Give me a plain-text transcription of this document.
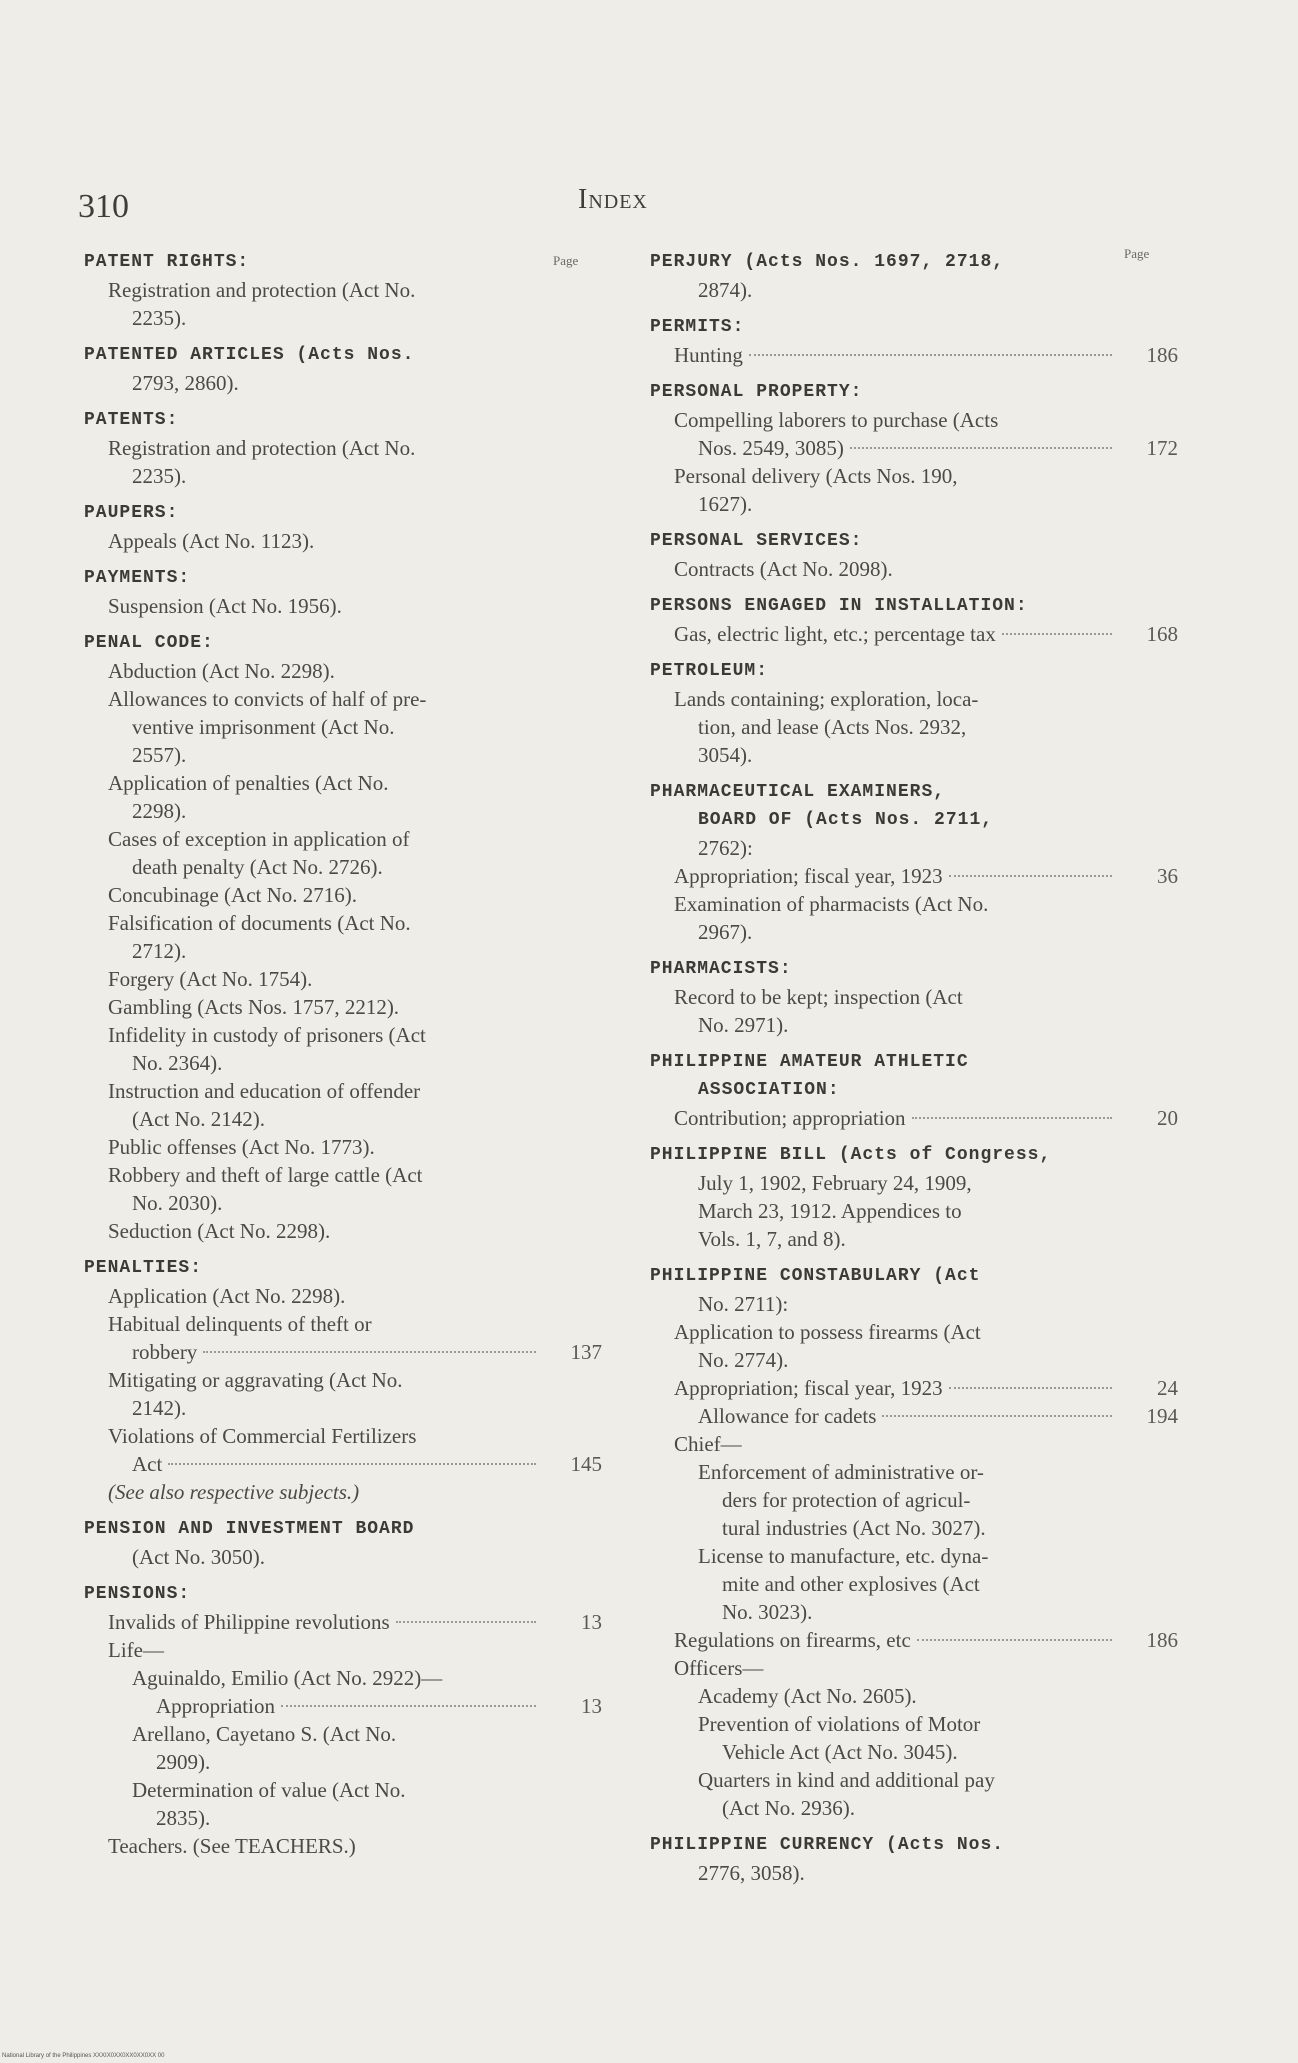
310	Index
Page	Page
PATENT RIGHTS:
Registration and protection (Act No.
2235).
PATENTED ARTICLES (Acts Nos.
2793, 2860).
PATENTS:
Registration and protection (Act No.
2235).
PAUPERS:
Appeals (Act No. 1123).
PAYMENTS:
Suspension (Act No. 1956).
PENAL CODE:
Abduction (Act No. 2298).
Allowances to convicts of half of pre-
ventive imprisonment (Act No.
2557).
Application of penalties (Act No.
2298).
Cases of exception in application of
death penalty (Act No. 2726).
Concubinage (Act No. 2716).
Falsification of documents (Act No.
2712).
Forgery (Act No. 1754).
Gambling (Acts Nos. 1757, 2212).
Infidelity in custody of prisoners (Act
No. 2364).
Instruction and education of offender
(Act No. 2142).
Public offenses (Act No. 1773).
Robbery and theft of large cattle (Act
No. 2030).
Seduction (Act No. 2298).
PENALTIES:
Application (Act No. 2298).
Habitual delinquents of theft or
robbery	137
Mitigating or aggravating (Act No.
2142).
Violations of Commercial Fertilizers
Act	145
(See also respective subjects.)
PENSION AND INVESTMENT BOARD
(Act No. 3050).
PENSIONS:
Invalids of Philippine revolutions	13
Life—
Aguinaldo, Emilio (Act No. 2922)—
Appropriation	13
Arellano, Cayetano S. (Act No.
2909).
Determination of value (Act No.
2835).
Teachers. (See TEACHERS.)
PERJURY (Acts Nos. 1697, 2718,
2874).
PERMITS:
Hunting	186
PERSONAL PROPERTY:
Compelling laborers to purchase (Acts
Nos. 2549, 3085)	172
Personal delivery (Acts Nos. 190,
1627).
PERSONAL SERVICES:
Contracts (Act No. 2098).
PERSONS ENGAGED IN INSTALLATION:
Gas, electric light, etc.; percentage tax	168
PETROLEUM:
Lands containing; exploration, loca-
tion, and lease (Acts Nos. 2932,
3054).
PHARMACEUTICAL EXAMINERS,
BOARD OF (Acts Nos. 2711,
2762):
Appropriation; fiscal year, 1923	36
Examination of pharmacists (Act No.
2967).
PHARMACISTS:
Record to be kept; inspection (Act
No. 2971).
PHILIPPINE AMATEUR ATHLETIC
ASSOCIATION:
Contribution; appropriation	20
PHILIPPINE BILL (Acts of Congress,
July 1, 1902, February 24, 1909,
March 23, 1912. Appendices to
Vols. 1, 7, and 8).
PHILIPPINE CONSTABULARY (Act
No. 2711):
Application to possess firearms (Act
No. 2774).
Appropriation; fiscal year, 1923	24
Allowance for cadets	194
Chief—
Enforcement of administrative or-
ders for protection of agricul-
tural industries (Act No. 3027).
License to manufacture, etc. dyna-
mite and other explosives (Act
No. 3023).
Regulations on firearms, etc	186
Officers—
Academy (Act No. 2605).
Prevention of violations of Motor
Vehicle Act (Act No. 3045).
Quarters in kind and additional pay
(Act No. 2936).
PHILIPPINE CURRENCY (Acts Nos.
2776, 3058).
National Library of the Philippines XXXIX0XX0XX0XX0XX 00
